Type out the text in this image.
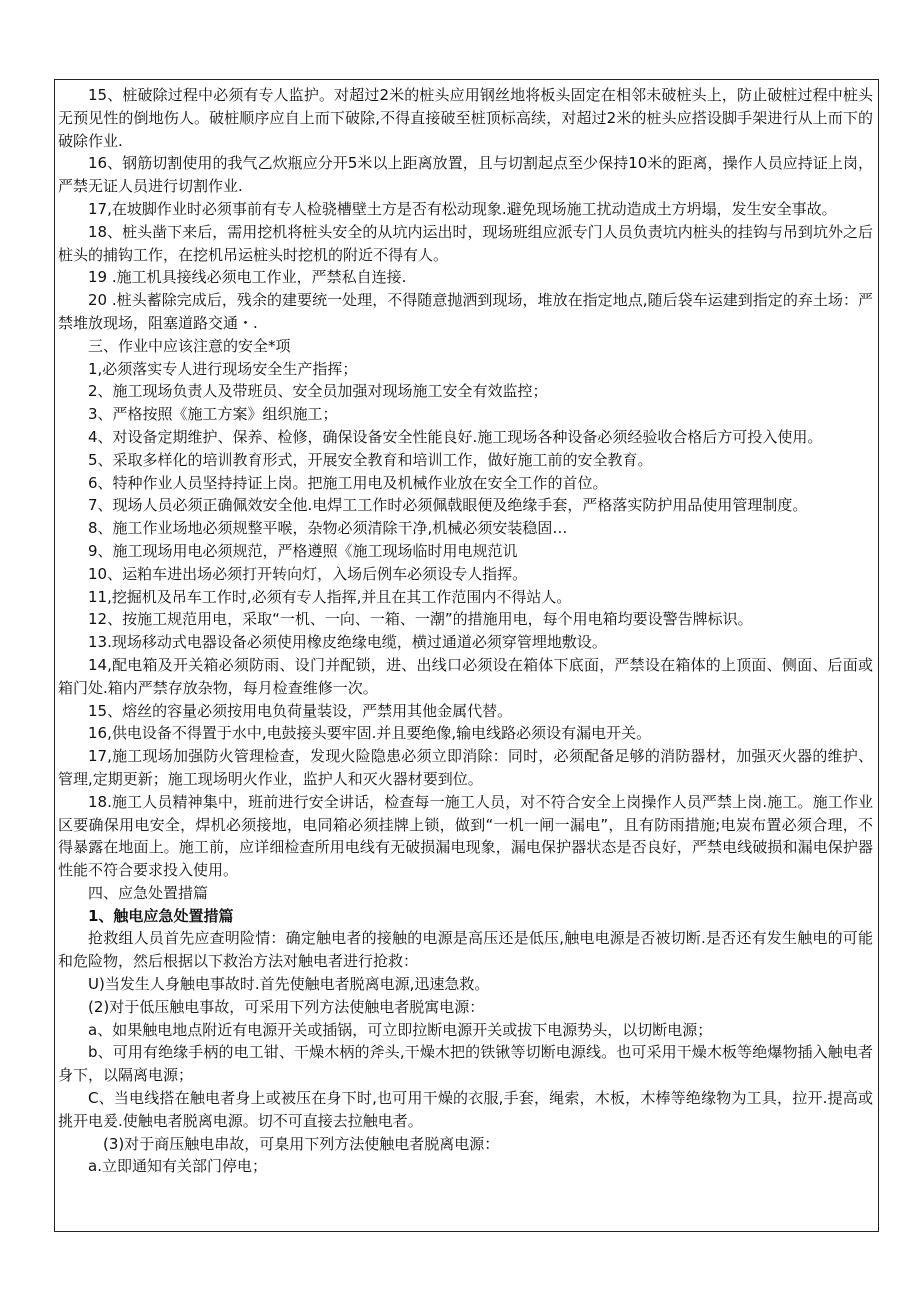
15、桩破除过程中必须有专人监护。对超过2米的桩头应用钢丝地将板头固定在相邻未破桩头上，防止破桩过程中桩头无预见性的倒地伤人。破桩顺序应自上而下破除,不得直接破至桩顶标高续，对超过2米的桩头应搭设脚手架进行从上而下的破除作业.

16、钢筋切割使用的我气乙炊瓶应分开5米以上距离放置，且与切割起点至少保持10米的距离，操作人员应持证上岗，严禁无证人员进行切割作业.

17,在坡脚作业时必须事前有专人检骁槽壁土方是否有松动现象.避免现场施工扰动造成土方坍塌，发生安全事故。

18、桩头凿下来后，需用挖机将桩头安全的从坑内运出时，现场班组应派专门人员负责坑内桩头的挂钩与吊到坑外之后桩头的捕钩工作，在挖机吊运桩头时挖机的附近不得有人。

19 .施工机具接线必须电工作业，严禁私自连接.

20 .桩头蓄除完成后，残余的建要统一处理，不得随意抛洒到现场，堆放在指定地点,随后袋车运建到指定的弃土场：严禁堆放现场，阻塞道路交通・.

三、作业中应该注意的安全*项

1,必须落实专人进行现场安全生产指挥；

2、施工现场负责人及带班员、安全员加强对现场施工安全有效监控；

3、严格按照《施工方案》组织施工；

4、对设备定期维护、保养、检修，确保设备安全性能良好.施工现场各种设备必须经验收合格后方可投入使用。

5、采取多样化的培训教育形式，开展安全教育和培训工作，做好施工前的安全教育。

6、特种作业人员坚持持证上岗。把施工用电及机械作业放在安全工作的首位。

7、现场人员必须正确佩效安全他.电焊工工作时必须佩戟眼便及绝缘手套，严格落实防护用品使用管理制度。

8、施工作业场地必须规整平喉，杂物必须清除干净,机械必须安装稳固…

9、施工现场用电必须规范，严格遵照《施工现场临时用电规范讥

10、运粕车进出场必须打开转向灯，入场后例车必须设专人指挥。

11,挖掘机及吊车工作时,必须有专人指挥,并且在其工作范围内不得站人。

12、按施工规范用电，采取“一机、一向、一箱、一潮”的措施用电，每个用电箱均要设警告牌标识。

13.现场移动式电器设备必须使用橡皮绝缘电缆，横过通道必须穿管埋地敷设。

14,配电箱及开关箱必须防雨、设门并配锁，进、出线口必须设在箱体下底面，严禁设在箱体的上顶面、侧面、后面或箱门处.箱内严禁存放杂物，每月检查维修一次。

15、熔丝的容量必须按用电负荷量装设，严禁用其他金属代替。

16,供电设备不得置于水中,电鼓接头要牢固.并且要绝像,输电线路必须设有漏电开关。

17,施工现场加强防火管理检查，发现火险隐患必须立即消除：同时，必须配备足够的消防器材，加强灭火器的维护、管理,定期更新；施工现场明火作业，监护人和灭火器材要到位。

18.施工人员精神集中，班前进行安全讲话，检查每一施工人员，对不符合安全上岗操作人员严禁上岗.施工。施工作业区要确保用电安全，焊机必须接地，电同箱必须挂牌上锁，做到“一机一闸一漏电”，且有防雨措施;电炭布置必须合理，不得暴露在地面上。施工前，应详细检查所用电线有无破损漏电现象，漏电保护器状态是否良好，严禁电线破损和漏电保护器性能不符合要求投入使用。

四、应急处置措篇

1、触电应急处置措篇

抢救组人员首先应查明险情：确定触电者的接触的电源是高压还是低压,触电电源是否被切断.是否还有发生触电的可能和危险物，然后根据以下救治方法对触电者进行抢救：

U)当发生人身触电事故时.首先使触电者脱离电源,迅速急救。

(2)对于低压触电事故，可采用下列方法使触电者脱寓电源：

a、如果触电地点附近有电源开关或插锅，可立即拉断电源开关或拔下电源势头，以切断电源；

b、可用有绝缘手柄的电工钳、干燥木柄的斧头,干燥木把的铁锹等切断电源线。也可采用干燥木板等绝爆物插入触电者身下，以隔离电源；

C、当电线搭在触电者身上或被压在身下时,也可用干燥的衣服,手套，绳索，木板，木棒等绝缘物为工具，拉开.提高或挑开电爰.使触电者脱离电源。切不可直接去拉触电者。

(3)对于商压触电串故，可臬用下列方法使触电者脱离电源：

a.立即通知有关部门停电；
